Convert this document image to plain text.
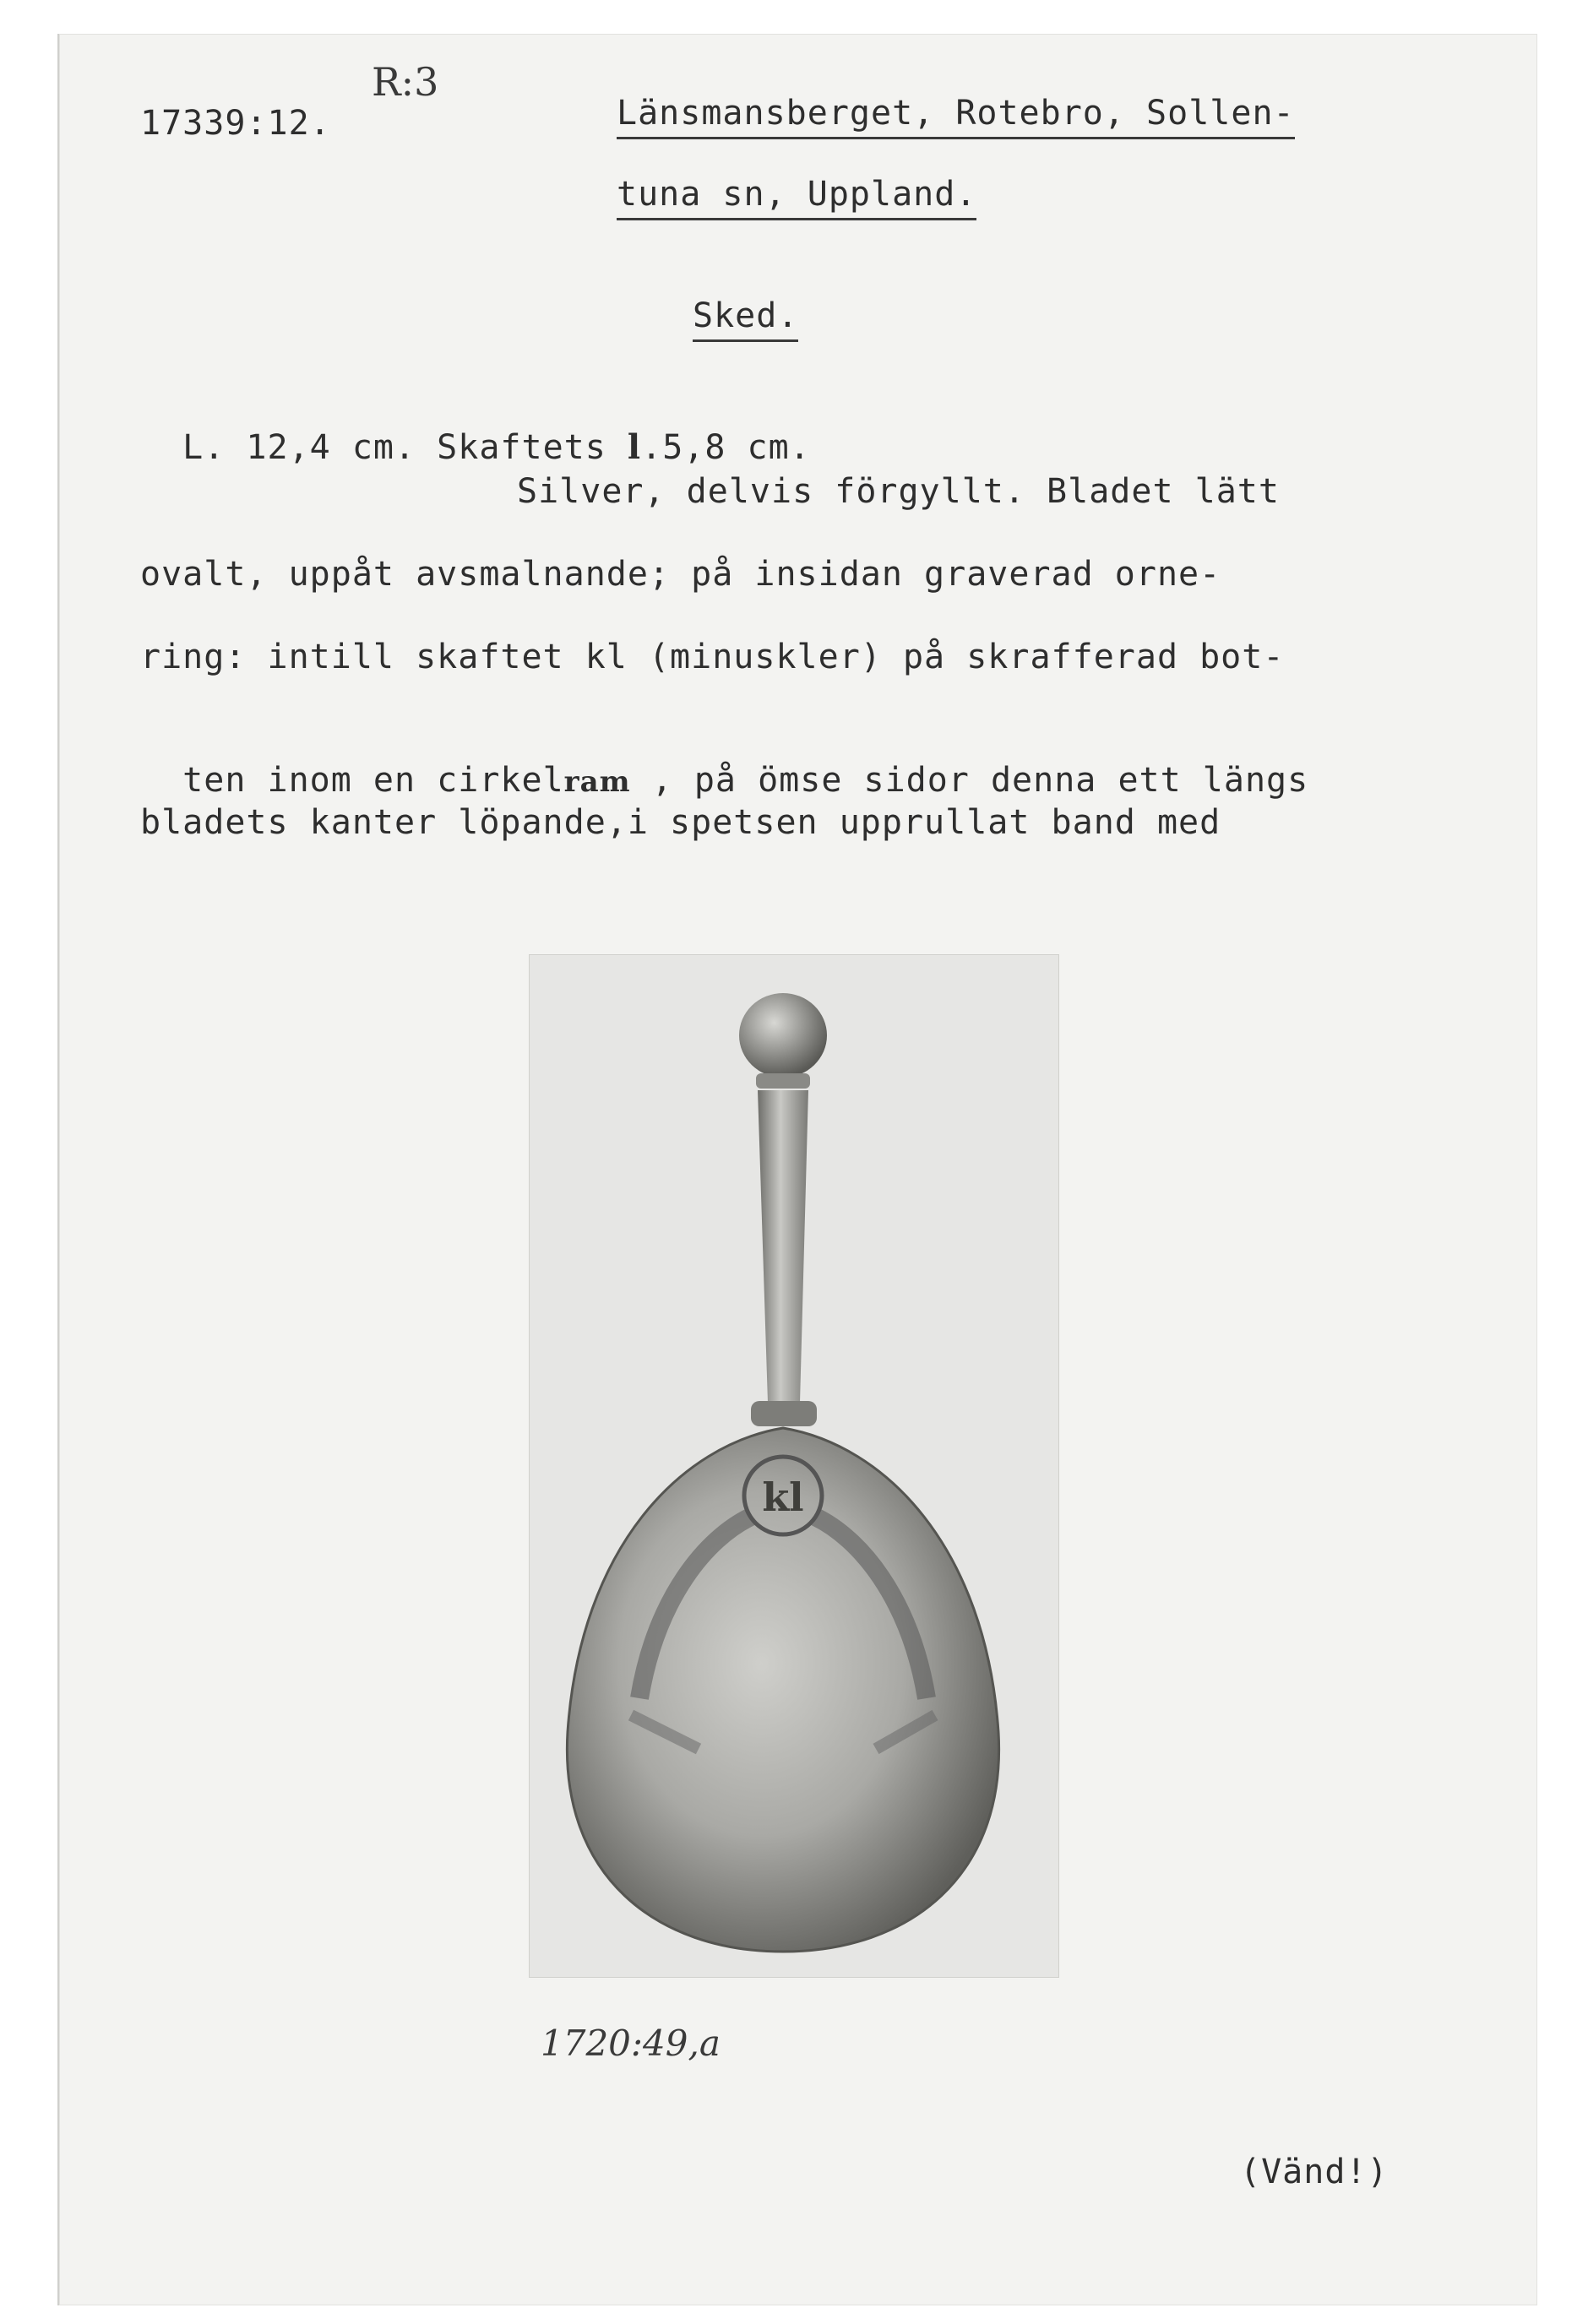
17339:12.
R:3
Länsmansberget, Rotebro, Sollen-
tuna sn, Uppland.
Sked.

L. 12,4 cm. Skaftets l.5,8 cm.

Silver, delvis förgyllt. Bladet lätt
ovalt, uppåt avsmalnande; på insidan graverad orne-
ring: intill skaftet kl (minuskler) på skrafferad bot-

ten inom en cirkelram , på ömse sidor denna ett längs

bladets kanter löpande,i spetsen upprullat band med
kl
1720:49,a
(Vänd!)
